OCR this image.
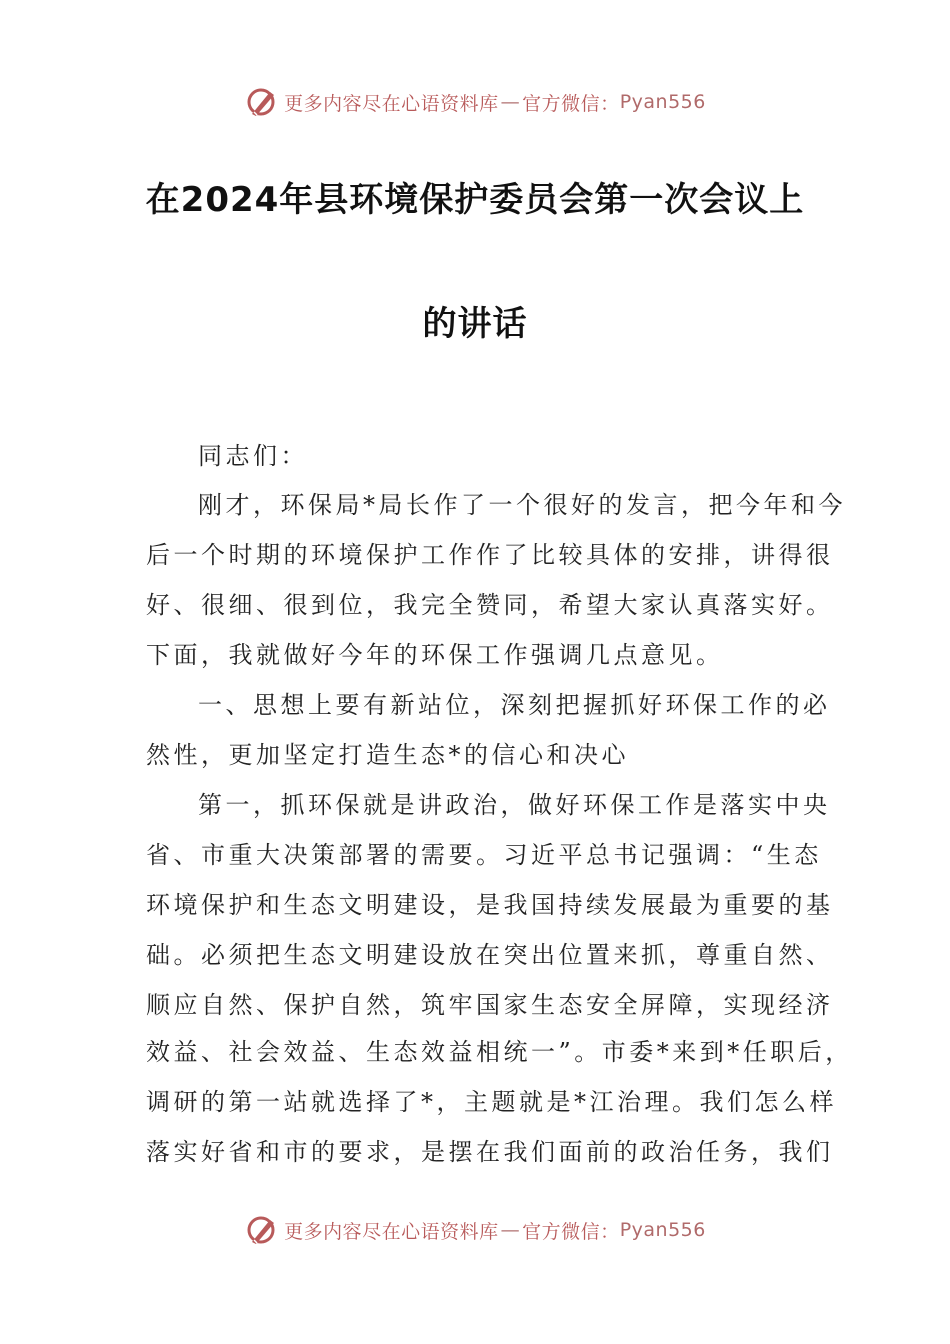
更多内容尽在心语资料库 — 官方微信： Pyan556
在2024年县环境保护委员会第一次会议上
的讲话
同志们：
刚才，环保局*局长作了一个很好的发言，把今年和今
后一个时期的环境保护工作作了比较具体的安排，讲得很
好、很细、很到位，我完全赞同，希望大家认真落实好。
下面，我就做好今年的环保工作强调几点意见。
一、思想上要有新站位，深刻把握抓好环保工作的必
然性，更加坚定打造生态*的信心和决心
第一，抓环保就是讲政治，做好环保工作是落实中央
省、市重大决策部署的需要。习近平总书记强调：“生态
环境保护和生态文明建设，是我国持续发展最为重要的基
础。必须把生态文明建设放在突出位置来抓，尊重自然、
顺应自然、保护自然，筑牢国家生态安全屏障，实现经济
效益、社会效益、生态效益相统一”。市委*来到*任职后，
调研的第一站就选择了*，主题就是*江治理。我们怎么样
落实好省和市的要求，是摆在我们面前的政治任务，我们
更多内容尽在心语资料库 — 官方微信： Pyan556
